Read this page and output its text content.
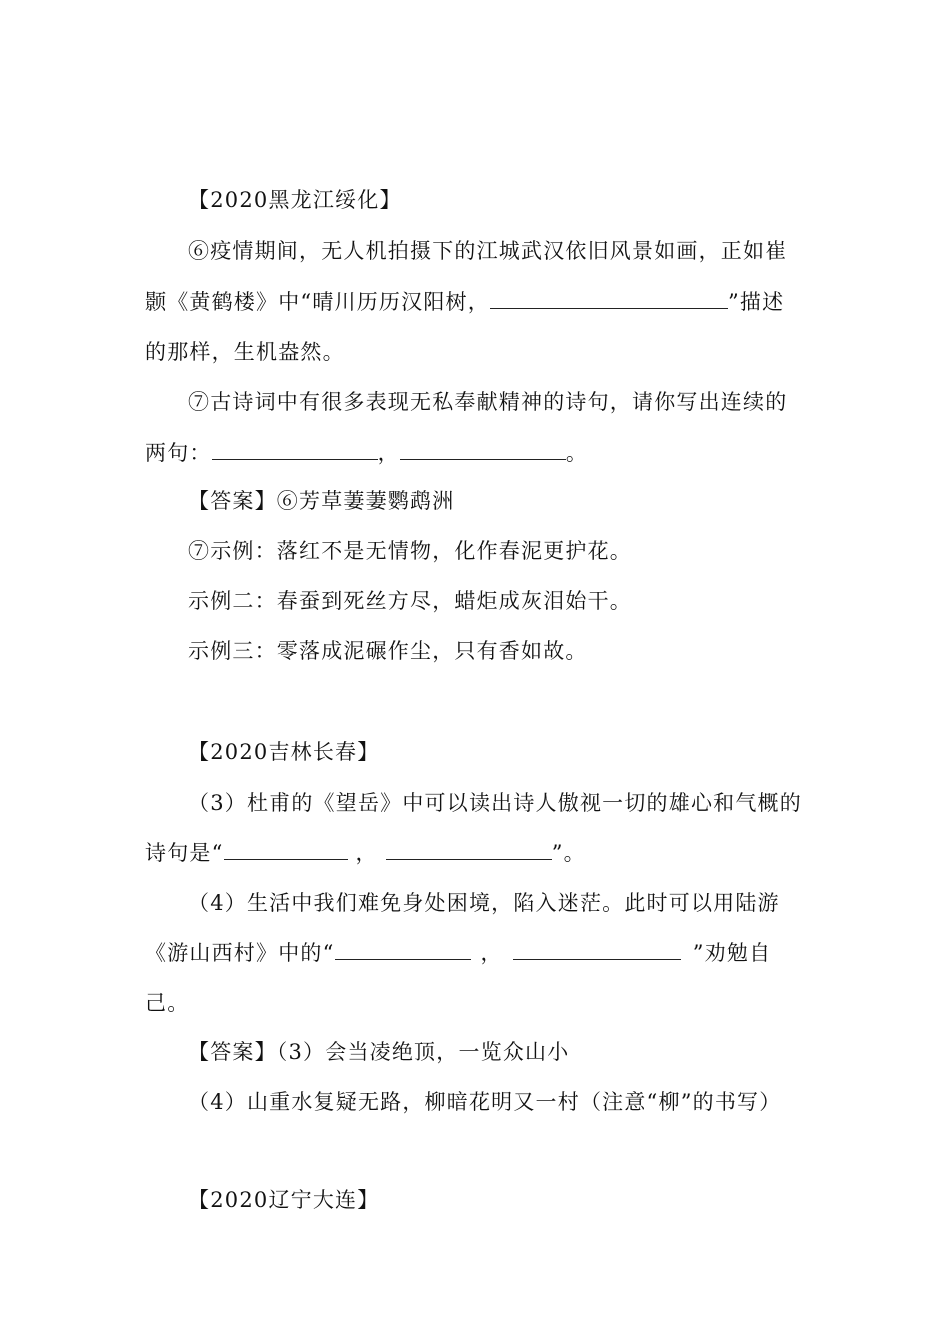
【2020黑龙江绥化】
⑥疫情期间，无人机拍摄下的江城武汉依旧风景如画，正如崔
颢《黄鹤楼》中“晴川历历汉阳树，	”描述
的那样，生机盎然。
⑦古诗词中有很多表现无私奉献精神的诗句，请你写出连续的
两句：	，	。
【答案】⑥芳草萋萋鹦鹉洲
⑦示例：落红不是无情物，化作春泥更护花。
示例二：春蚕到死丝方尽，蜡炬成灰泪始干。
示例三：零落成泥碾作尘，只有香如故。
【2020吉林长春】
（3）杜甫的《望岳》中可以读出诗人傲视一切的雄心和气概的
诗句是“	，	”。
（4）生活中我们难免身处困境，陷入迷茫。此时可以用陆游
《游山西村》中的“	，	”劝勉自
己。
【答案】（3）会当凌绝顶，一览众山小
（4）山重水复疑无路，柳暗花明又一村（注意“柳”的书写）
【2020辽宁大连】
